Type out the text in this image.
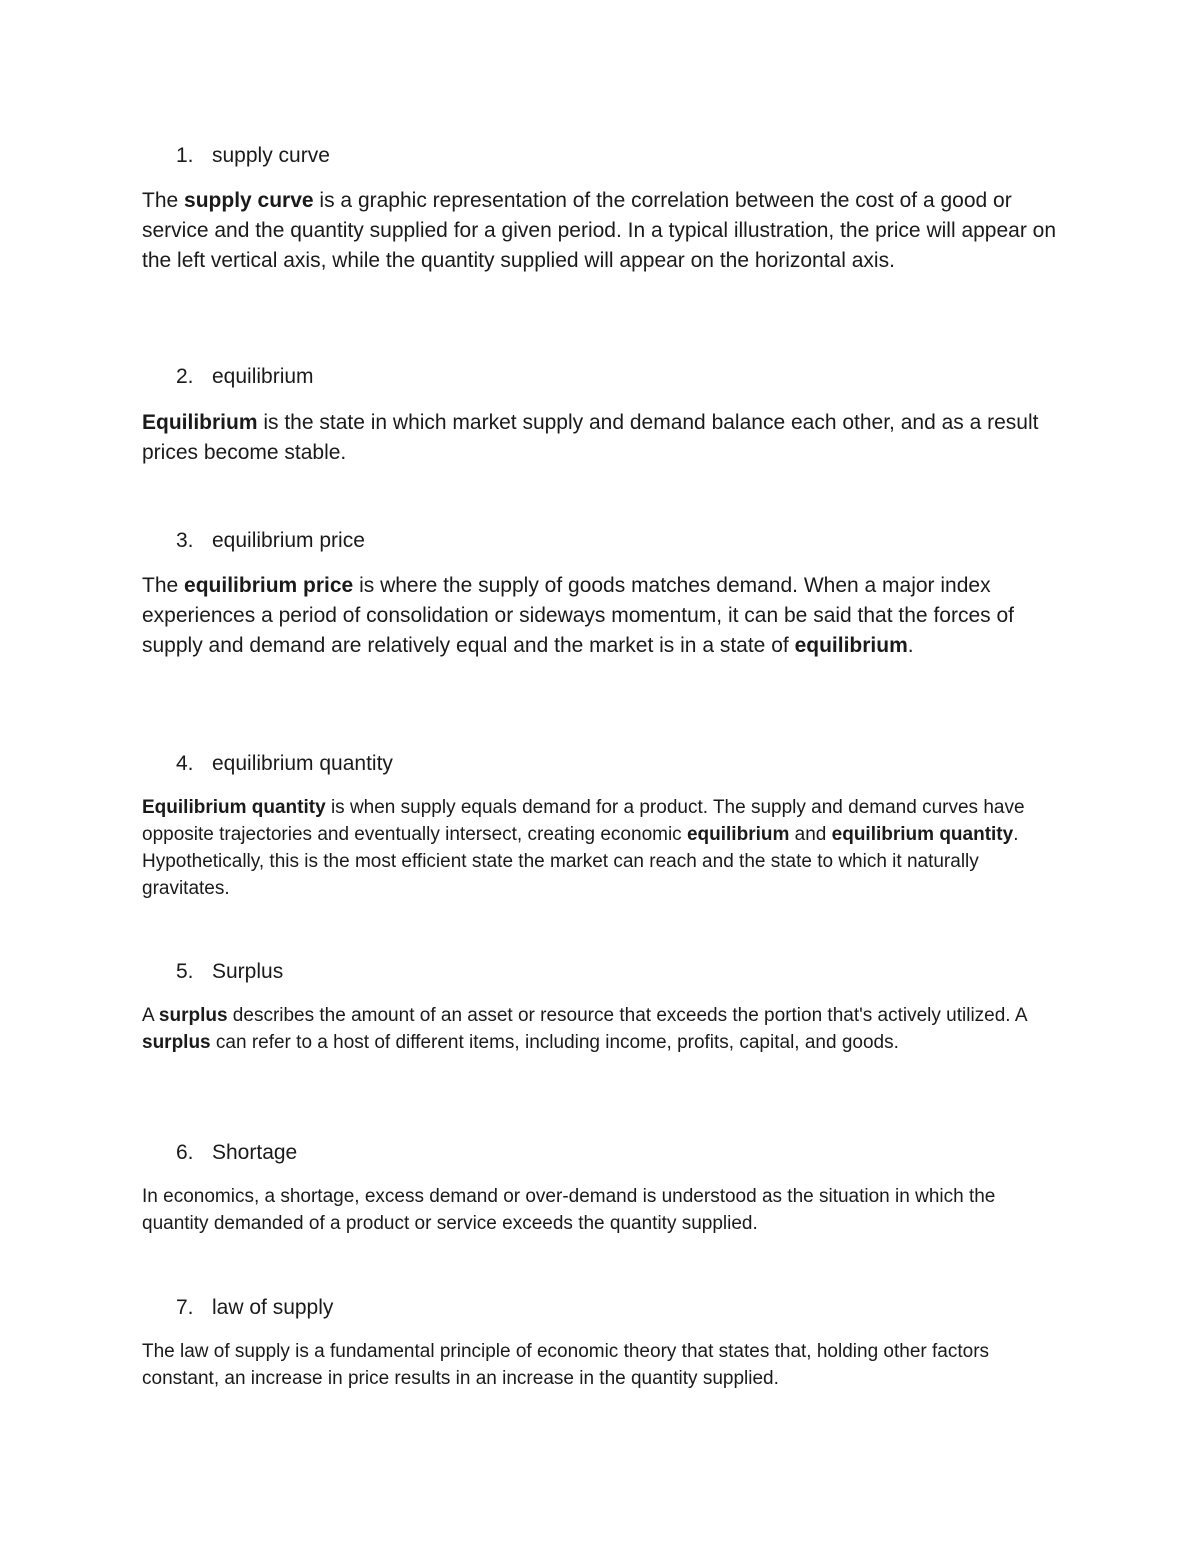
1. supply curve
The supply curve is a graphic representation of the correlation between the cost of a good or service and the quantity supplied for a given period. In a typical illustration, the price will appear on the left vertical axis, while the quantity supplied will appear on the horizontal axis.
2. equilibrium
Equilibrium is the state in which market supply and demand balance each other, and as a result prices become stable.
3. equilibrium price
The equilibrium price is where the supply of goods matches demand. When a major index experiences a period of consolidation or sideways momentum, it can be said that the forces of supply and demand are relatively equal and the market is in a state of equilibrium.
4. equilibrium quantity
Equilibrium quantity is when supply equals demand for a product. The supply and demand curves have opposite trajectories and eventually intersect, creating economic equilibrium and equilibrium quantity. Hypothetically, this is the most efficient state the market can reach and the state to which it naturally gravitates.
5. Surplus
A surplus describes the amount of an asset or resource that exceeds the portion that's actively utilized. A surplus can refer to a host of different items, including income, profits, capital, and goods.
6. Shortage
In economics, a shortage, excess demand or over-demand is understood as the situation in which the quantity demanded of a product or service exceeds the quantity supplied.
7. law of supply
The law of supply is a fundamental principle of economic theory that states that, holding other factors constant, an increase in price results in an increase in the quantity supplied.
